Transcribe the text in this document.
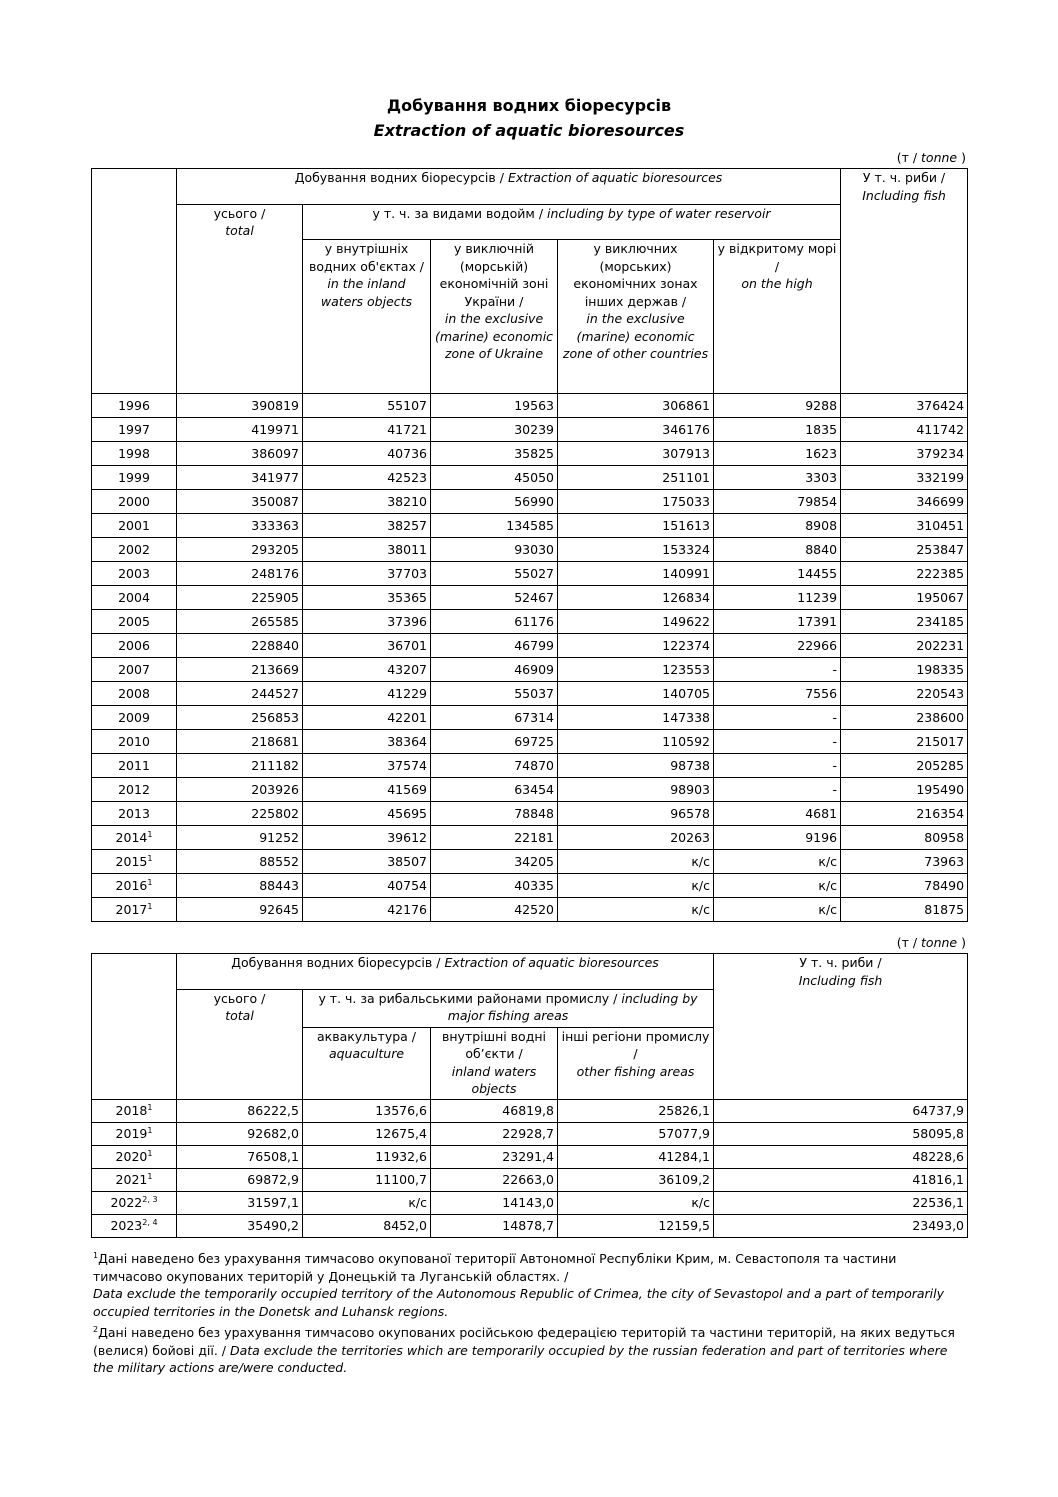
Добування водних біоресурсів
Extraction of aquatic bioresources
(т / tonne )
	Добування водних біоресурсів / Extraction of aquatic bioresources					У т. ч. риби /
Including fish
	усього /
total	у т. ч. за видами водойм / including by type of water reservoir				
		у внутрішніх водних об'єктах /
in the inland waters objects	у виключній (морській) економічній зоні України /
in the exclusive (marine) economic zone of Ukraine	у виключних (морських) економічних зонах інших держав /
in the exclusive (marine) economic zone of other countries	у відкритому морі /
on the high	
1996	390819	55107	19563	306861	9288	376424
1997	419971	41721	30239	346176	1835	411742
1998	386097	40736	35825	307913	1623	379234
1999	341977	42523	45050	251101	3303	332199
2000	350087	38210	56990	175033	79854	346699
2001	333363	38257	134585	151613	8908	310451
2002	293205	38011	93030	153324	8840	253847
2003	248176	37703	55027	140991	14455	222385
2004	225905	35365	52467	126834	11239	195067
2005	265585	37396	61176	149622	17391	234185
2006	228840	36701	46799	122374	22966	202231
2007	213669	43207	46909	123553	-	198335
2008	244527	41229	55037	140705	7556	220543
2009	256853	42201	67314	147338	-	238600
2010	218681	38364	69725	110592	-	215017
2011	211182	37574	74870	98738	-	205285
2012	203926	41569	63454	98903	-	195490
2013	225802	45695	78848	96578	4681	216354
2014$^1$	91252	39612	22181	20263	9196	80958
2015$^1$	88552	38507	34205	к/с	к/с	73963
2016$^1$	88443	40754	40335	к/с	к/с	78490
2017$^1$	92645	42176	42520	к/с	к/с	81875
(т / tonne )
	Добування водних біоресурсів / Extraction of aquatic bioresources				У т. ч. риби /
Including fish
	усього /
total	у т. ч. за рибальськими районами промислу / including by major fishing areas			
		аквакультура /
aquaculture	внутрішні водні об’єкти /
inland waters objects	інші регіони промислу /
other fishing areas	
2018$^1$	86222,5	13576,6	46819,8	25826,1	64737,9
2019$^1$	92682,0	12675,4	22928,7	57077,9	58095,8
2020$^1$	76508,1	11932,6	23291,4	41284,1	48228,6
2021$^1$	69872,9	11100,7	22663,0	36109,2	41816,1
2022$^{2, 3}$	31597,1	к/с	14143,0	к/с	22536,1
2023$^{2, 4}$	35490,2	8452,0	14878,7	12159,5	23493,0
$^1$Дані наведено без урахування тимчасово окупованої території Автономної Республіки Крим, м. Севастополя та частини тимчасово окупованих територій у Донецькій та Луганській областях. /
Data exclude the temporarily occupied territory of the Autonomous Republic of Crimea, the city of Sevastopol and a part of temporarily occupied territories in the Donetsk and Luhansk regions.
$^2$Дані наведено без урахування тимчасово окупованих російською федерацією територій та частини територій, на яких ведуться (велися) бойові дії. / Data exclude the territories which are temporarily occupied by the russian federation and part of territories where the military actions are/were conducted.
